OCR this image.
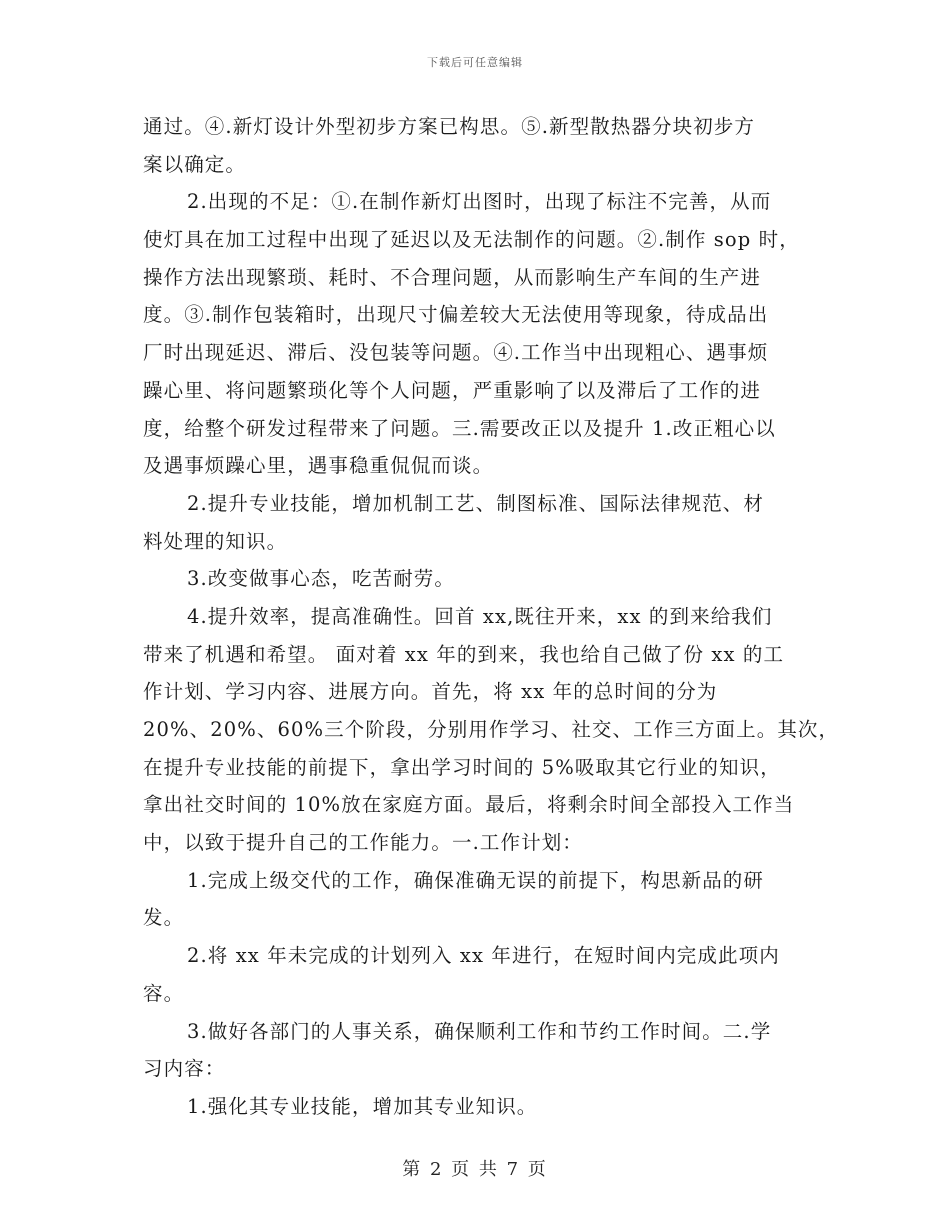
下载后可任意编辑
通过。④.新灯设计外型初步方案已构思。⑤.新型散热器分块初步方
案以确定。
2.出现的不足：①.在制作新灯出图时，出现了标注不完善，从而
使灯具在加工过程中出现了延迟以及无法制作的问题。②.制作 sop 时，
操作方法出现繁琐、耗时、不合理问题，从而影响生产车间的生产进
度。③.制作包装箱时，出现尺寸偏差较大无法使用等现象，待成品出
厂时出现延迟、滞后、没包装等问题。④.工作当中出现粗心、遇事烦
躁心里、将问题繁琐化等个人问题，严重影响了以及滞后了工作的进
度，给整个研发过程带来了问题。三.需要改正以及提升 1.改正粗心以
及遇事烦躁心里，遇事稳重侃侃而谈。
2.提升专业技能，增加机制工艺、制图标准、国际法律规范、材
料处理的知识。
3.改变做事心态，吃苦耐劳。
4.提升效率，提高准确性。回首 xx,既往开来，xx 的到来给我们
带来了机遇和希望。 面对着 xx 年的到来，我也给自己做了份 xx 的工
作计划、学习内容、进展方向。首先，将 xx 年的总时间的分为
20%、20%、60%三个阶段，分别用作学习、社交、工作三方面上。其次，
在提升专业技能的前提下，拿出学习时间的 5%吸取其它行业的知识，
拿出社交时间的 10%放在家庭方面。最后，将剩余时间全部投入工作当
中，以致于提升自己的工作能力。一.工作计划：
1.完成上级交代的工作，确保准确无误的前提下，构思新品的研
发。
2.将 xx 年未完成的计划列入 xx 年进行，在短时间内完成此项内
容。
3.做好各部门的人事关系，确保顺利工作和节约工作时间。二.学
习内容：
1.强化其专业技能，增加其专业知识。
第 2 页 共 7 页
